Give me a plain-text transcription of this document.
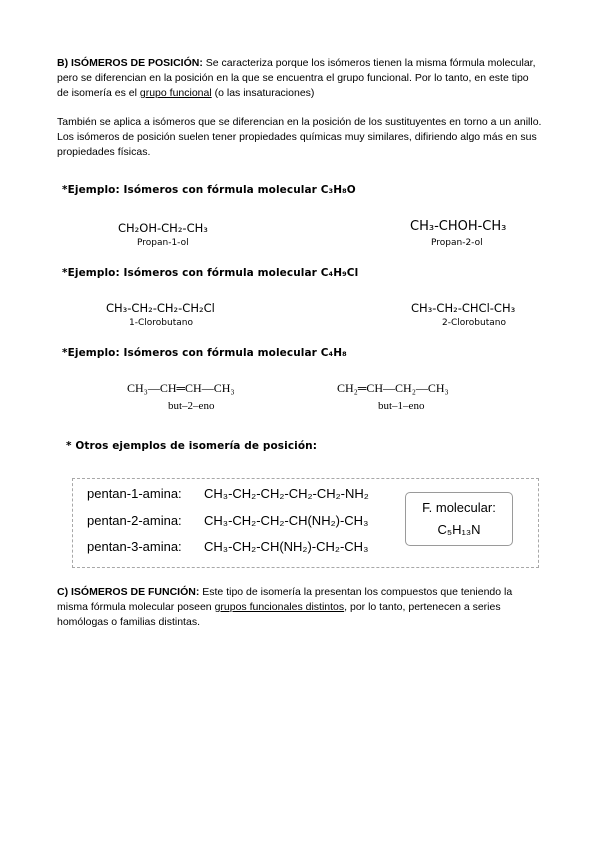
B) ISÓMEROS DE POSICIÓN: Se caracteriza porque los isómeros tienen la misma fórmula molecular, pero se diferencian en la posición en la que se encuentra el grupo funcional. Por lo tanto, en este tipo de isomería es el grupo funcional (o las insaturaciones)
También se aplica a isómeros que se diferencian en la posición de los sustituyentes en torno a un anillo. Los isómeros de posición suelen tener propiedades químicas muy similares, difiriendo algo más en sus propiedades físicas.
*Ejemplo: Isómeros con fórmula molecular C₃H₈O
CH₂OH-CH₂-CH₃
Propan-1-ol
CH₃-CHOH-CH₃
Propan-2-ol
*Ejemplo: Isómeros con fórmula molecular C₄H₉Cl
CH₃-CH₂-CH₂-CH₂Cl
1-Clorobutano
CH₃-CH₂-CHCl-CH₃
2-Clorobutano
*Ejemplo: Isómeros con fórmula molecular C₄H₈
CH₃—CH═CH—CH₃
but–2–eno
CH₂═CH—CH₂—CH₃
but–1–eno
* Otros ejemplos de isomería de posición:
pentan-1-amina: CH₃-CH₂-CH₂-CH₂-CH₂-NH₂
pentan-2-amina: CH₃-CH₂-CH₂-CH(NH₂)-CH₃
pentan-3-amina: CH₃-CH₂-CH(NH₂)-CH₂-CH₃
F. molecular:
C₅H₁₃N
C) ISÓMEROS DE FUNCIÓN: Este tipo de isomería la presentan los compuestos que teniendo la misma fórmula molecular poseen grupos funcionales distintos, por lo tanto, pertenecen a series homólogas o familias distintas.
